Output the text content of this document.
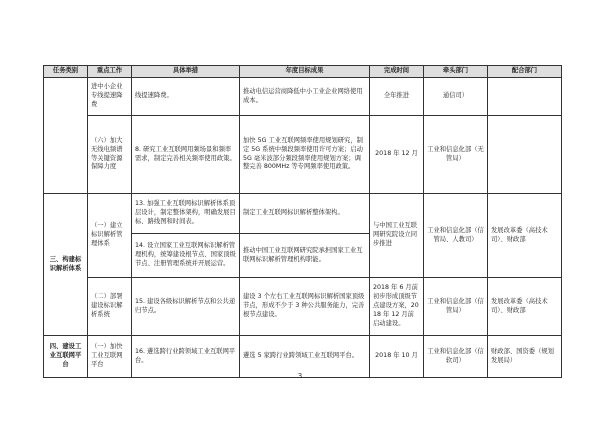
任务类别	重点工作	具体举措	年度目标成果	完成时间	牵头部门	配合部门
	进中小企业专线提速降费	线提速降费。	推动电信运营商降低中小工业企业网络使用成本。	全年推进	通信司）	
	（六）加大无线电频谱等关键资源保障力度	8. 研究工业互联网用频场景和频率需求，制定完善相关频率使用政策。	加快 5G 工业互联网频率使用规划研究，制定 5G 系统中频段频率使用许可方案；启动 5G 毫米波部分频段频率使用规划方案；调整完善 800MHz 等专网频率使用政策。	2018 年 12 月	工业和信息化部（无管局）	
三、构建标识解析体系	（一）建立标识解析管理体系	13. 加强工业互联网标识解析体系顶层设计，制定整体架构，明确发展目标、路线图和时间表。	制定工业互联网标识解析整体架构。	与中国工业互联网研究院设立同步推进	工业和信息化部（信管局、人教司）	发展改革委（高技术司）、财政部
		14. 设立国家工业互联网标识解析管理机构，统筹建设根节点、国家顶级节点、注册管理系统并开展运营。	推动中国工业互联网研究院承担国家工业互联网标识解析管理机构职能。			
	（二）部署建设标识解析系统	15. 建设各级标识解析节点和公共递归节点。	建设 3 个左右工业互联网标识解析国家顶级节点，形成不少于 3 种公共服务能力，完善根节点建设。	2018 年 6 月前初步形成顶级节点建设方案，2018 年 12 月前启动建设。	工业和信息化部（信管局）	发展改革委（高技术司）、财政部
四、建设工业互联网平台	（一）加快工业互联网平台	16. 遴选跨行业跨领域工业互联网平台。	遴选 5 家跨行业跨领域工业互联网平台。	2018 年 10 月	工业和信息化部（信软司）	财政部、国资委（规划发展局）
3
